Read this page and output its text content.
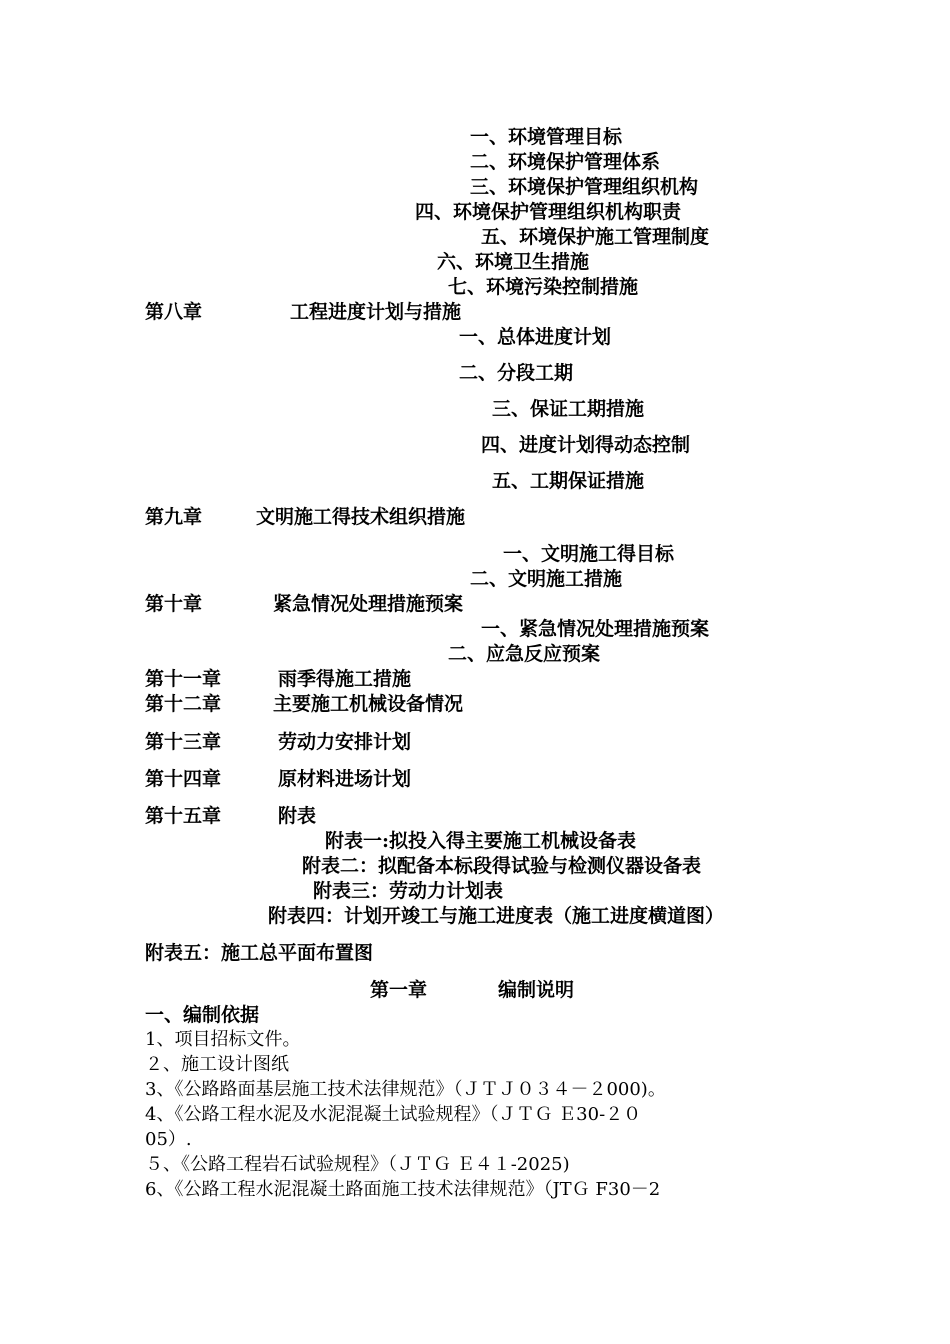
一、环境管理目标
二、环境保护管理体系
三、环境保护管理组织机构
四、环境保护管理组织机构职责
五、环境保护施工管理制度
六、环境卫生措施
七、环境污染控制措施
第八章	工程进度计划与措施
一、总体进度计划
二、分段工期
三、保证工期措施
四、进度计划得动态控制
五、工期保证措施
第九章	文明施工得技术组织措施
一、文明施工得目标
二、文明施工措施
第十章	紧急情况处理措施预案
一、紧急情况处理措施预案
二、应急反应预案
第十一章	雨季得施工措施
第十二章	主要施工机械设备情况
第十三章	劳动力安排计划
第十四章	原材料进场计划
第十五章	附表
附表一:拟投入得主要施工机械设备表
附表二：拟配备本标段得试验与检测仪器设备表
附表三：劳动力计划表
附表四：计划开竣工与施工进度表（施工进度横道图）
附表五：施工总平面布置图
第一章	编制说明
一、编制依据
1、项目招标文件。
２、施工设计图纸
3、《公路路面基层施工技术法律规范》（ＪＴＪ０３４－２000)。
4、《公路工程水泥及水泥混凝土试验规程》（ＪＴＧ Ｅ30-２０
05）.
５、《公路工程岩石试验规程》（ＪＴＧ Ｅ４１-2025)
6、《公路工程水泥混凝土路面施工技术法律规范》（JTＧ F30－2
